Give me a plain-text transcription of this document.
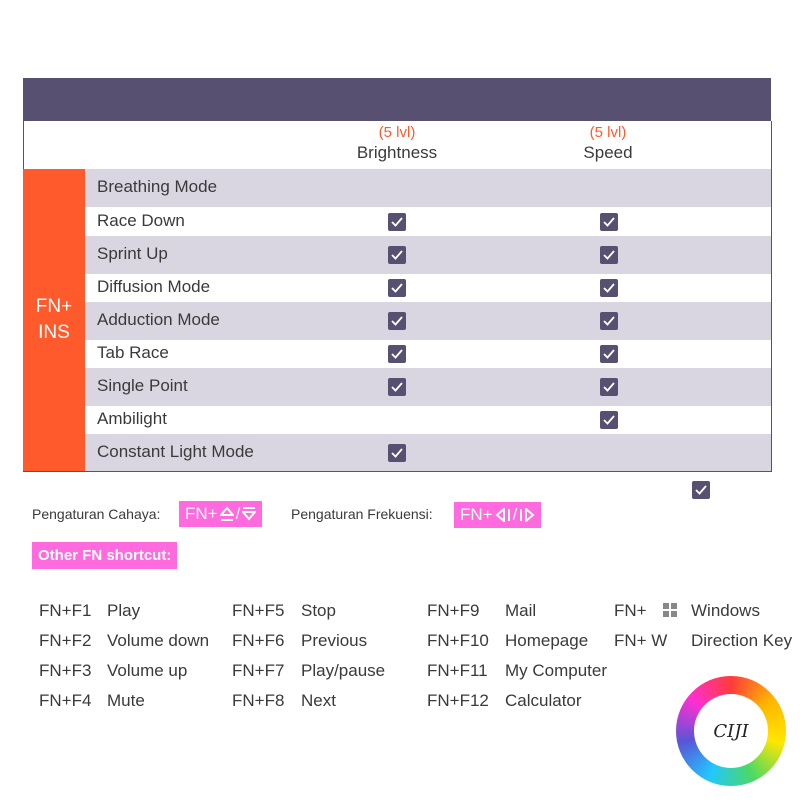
(5 lvl)
Brightness
(5 lvl)
Speed
FN+
INS
Breathing Mode
Race Down
Sprint Up
Diffusion Mode
Adduction Mode
Tab Race
Single Point
Ambilight
Constant Light Mode
Pengaturan Cahaya: FN+ /	Pengaturan Frekuensi: FN+ /
Other FN shortcut:
FN+F1 Play
FN+F2 Volume down
FN+F3 Volume up
FN+F4 Mute
FN+F5 Stop
FN+F6 Previous
FN+F7 Play/pause
FN+F8 Next
FN+F9 Mail
FN+F10 Homepage
FN+F11 My Computer
FN+F12 Calculator
FN+	Windows
FN+ W Direction Key
CIJI
